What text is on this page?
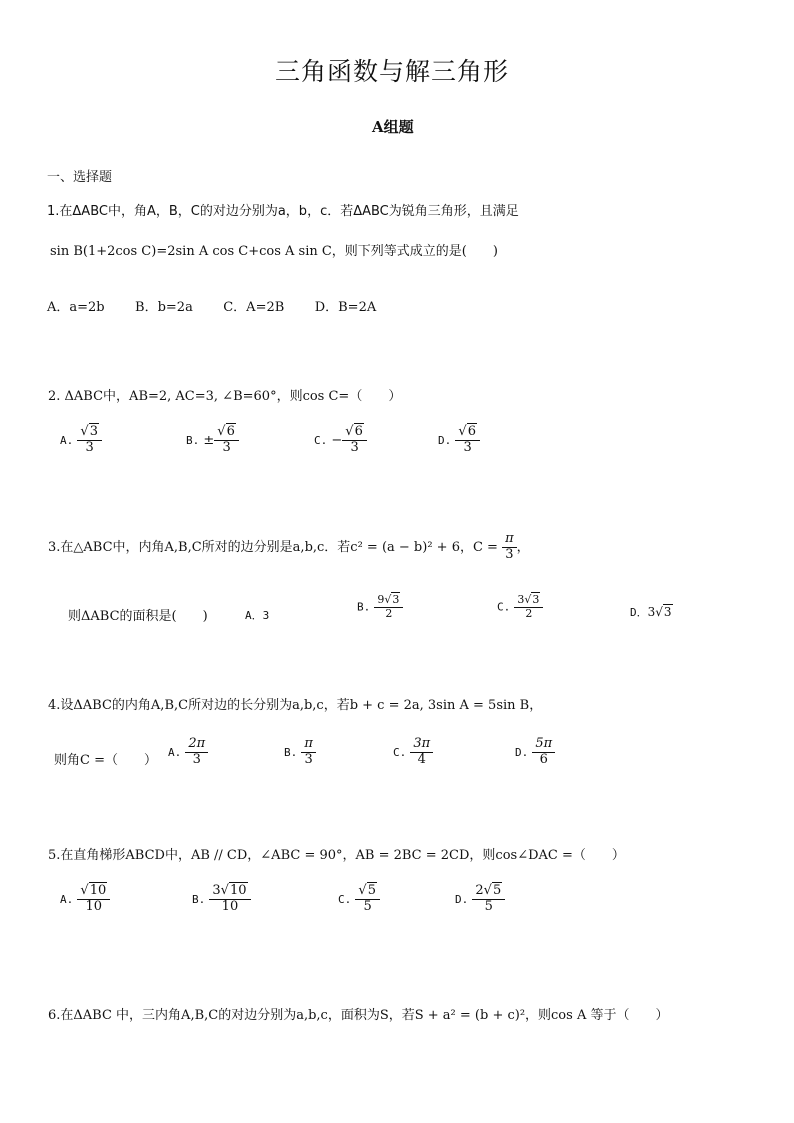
三角函数与解三角形
A组题
一、选择题
1.在ΔABC中，角A，B，C的对边分别为a，b，c．若ΔABC为锐角三角形，且满足
sin B(1+2cos C)=2sin A cos C+cos A sin C，则下列等式成立的是(　　)
A．a=2b B．b=2a C．A=2B D．B=2A
2. ΔABC中，AB=2, AC=3, ∠B=60°，则cos C=（　　）
A. $\frac{√3}{3}$	B. ± $\frac{√6}{3}$	C. − $\frac{√6}{3}$	D. $\frac{√6}{3}$
3.在△ABC中，内角A,B,C所对的边分别是a,b,c．若c² = (a − b)² + 6，$C = \frac{\pi}{3}$ ，
则ΔABC的面积是(　　)	A．3
B. $\frac{9√3}{2}$	C. $\frac{3√3}{2}$	D．3√3
4.设ΔABC的内角A,B,C所对边的长分别为a,b,c，若b + c = 2a, 3sin A = 5sin B，
则角C =（　　）
A. $\frac{2\pi}{3}$	B. $\frac{\pi}{3}$	C. $\frac{3\pi}{4}$	D. $\frac{5\pi}{6}$
5.在直角梯形ABCD中，AB // CD，∠ABC = 90°，AB = 2BC = 2CD，则cos∠DAC =（　　）
A. $\frac{√10}{10}$	B. $\frac{3√10}{10}$	C. $\frac{√5}{5}$	D. $\frac{2√5}{5}$
6.在ΔABC 中，三内角A,B,C的对边分别为a,b,c，面积为S，若S + a² = (b + c)²，则cos A 等于（　　）
